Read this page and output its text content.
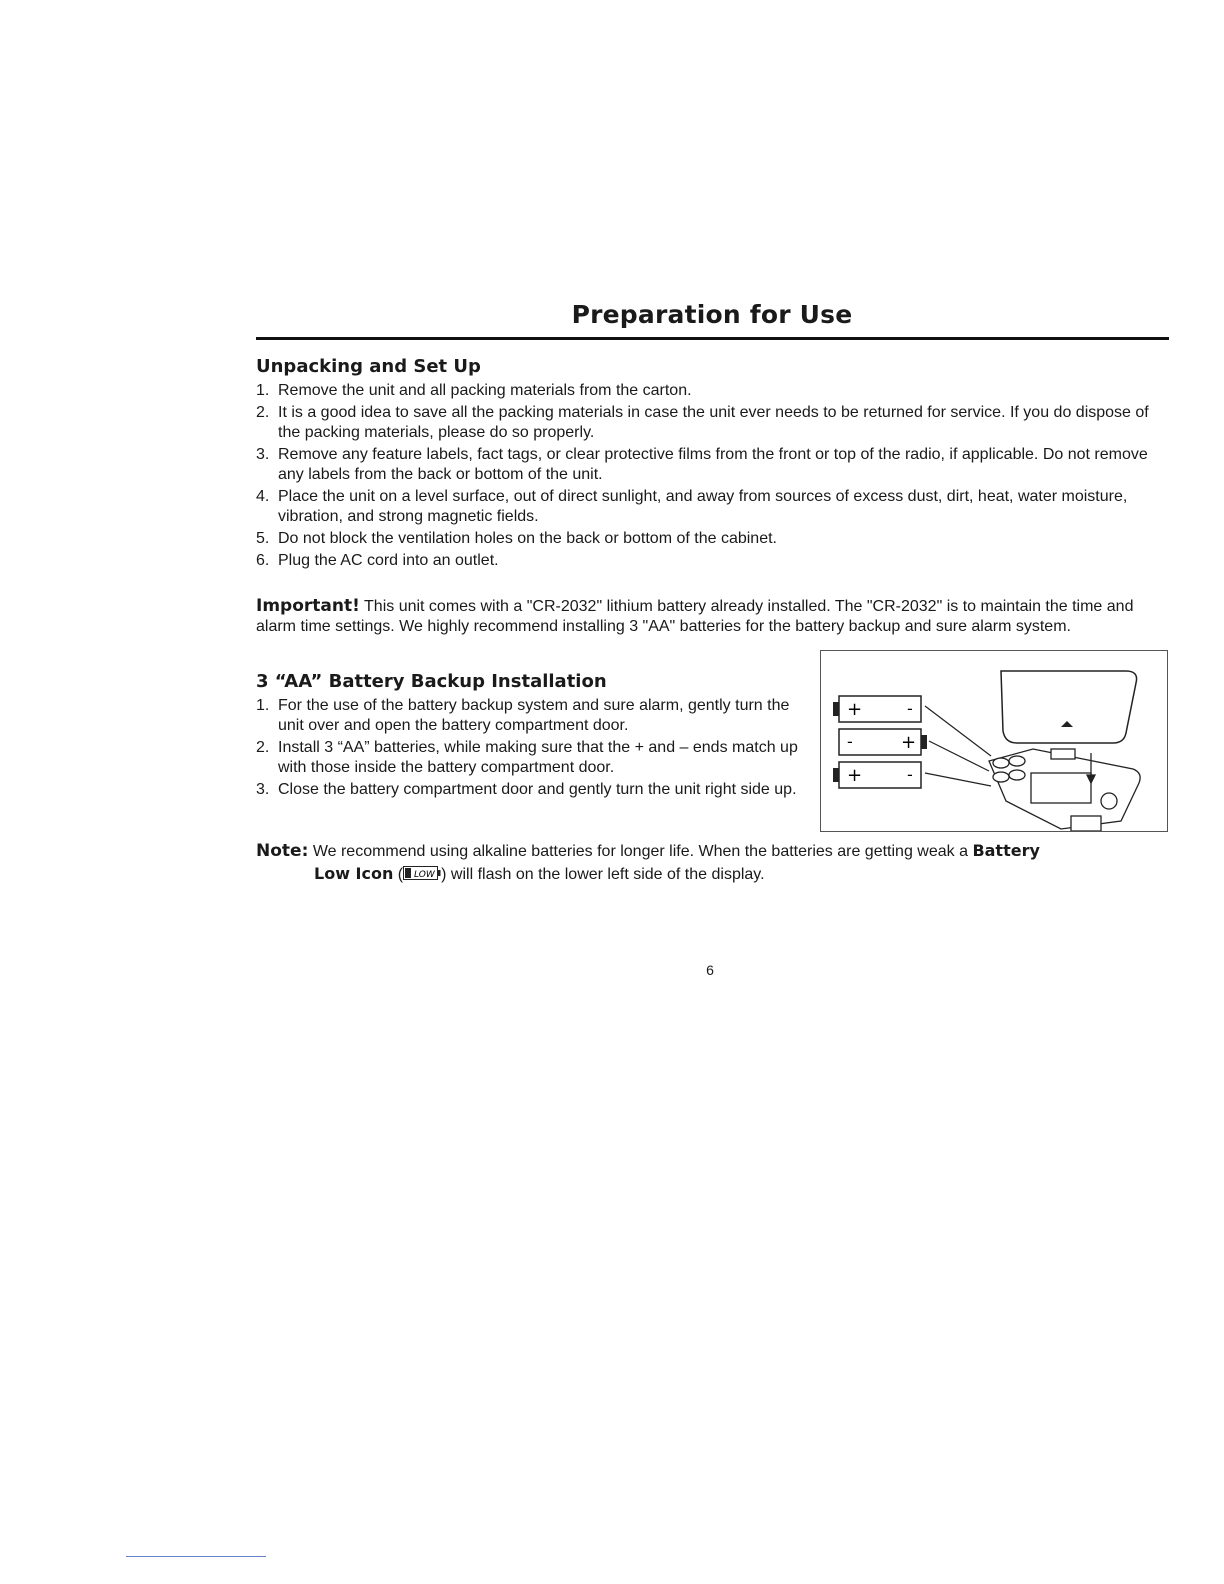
Preparation for Use
Unpacking and Set Up
1. Remove the unit and all packing materials from the carton.
2. It is a good idea to save all the packing materials in case the unit ever needs to be returned for service. If you do dispose of the packing materials, please do so properly.
3. Remove any feature labels, fact tags, or clear protective films from the front or top of the radio, if applicable. Do not remove any labels from the back or bottom of the unit.
4. Place the unit on a level surface, out of direct sunlight, and away from sources of excess dust, dirt, heat, water moisture, vibration, and strong magnetic fields.
5. Do not block the ventilation holes on the back or bottom of the cabinet.
6. Plug the AC cord into an outlet.
Important! This unit comes with a "CR-2032" lithium battery already installed. The "CR-2032" is to maintain the time and alarm time settings. We highly recommend installing 3 "AA" batteries for the battery backup and sure alarm system.
3 “AA” Battery Backup Installation
1. For the use of the battery backup system and sure alarm, gently turn the unit over and open the battery compartment door.
2. Install 3 “AA” batteries, while making sure that the + and – ends match up with those inside the battery compartment door.
3. Close the battery compartment door and gently turn the unit right side up.
+	-
-	+
+	-
Note: We recommend using alkaline batteries for longer life. When the batteries are getting weak a Battery
Low Icon ( LOW ) will flash on the lower left side of the display.
6
